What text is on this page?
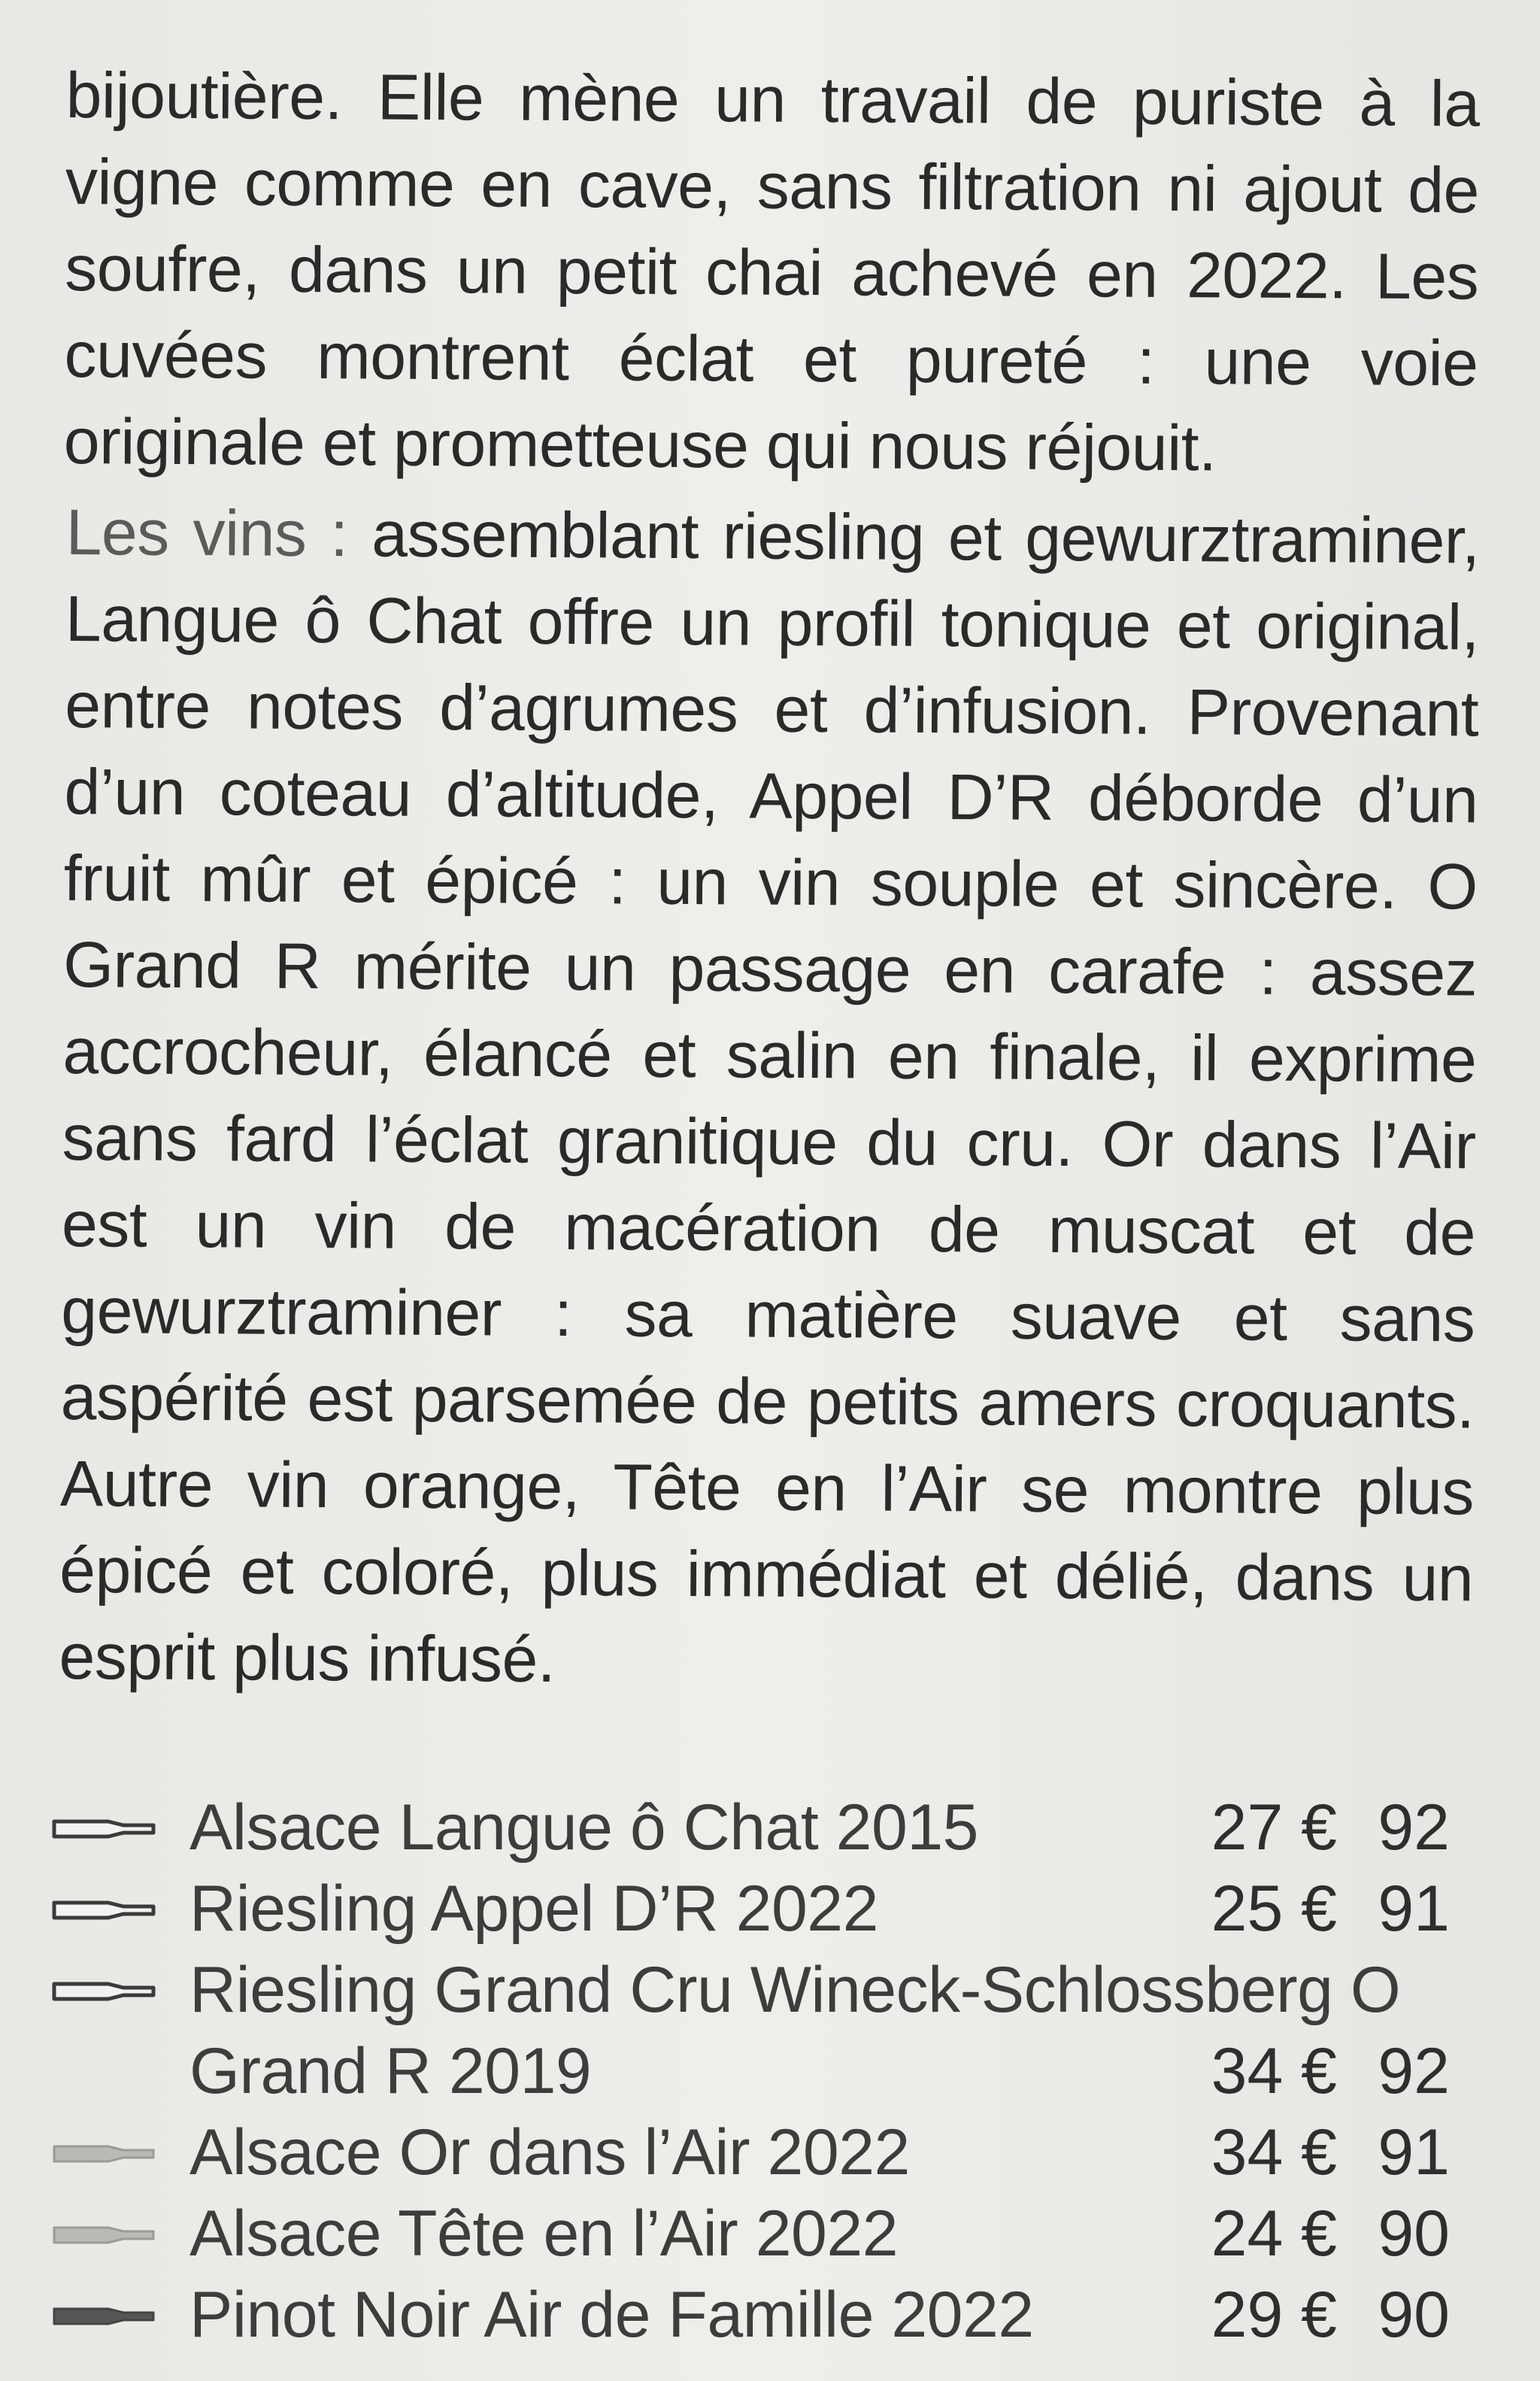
bijoutière. Elle mène un travail de puriste à la vigne comme en cave, sans filtration ni ajout de soufre, dans un petit chai achevé en 2022. Les cuvées montrent éclat et pureté : une voie originale et prometteuse qui nous réjouit.

Les vins : assemblant riesling et gewurztraminer, Langue ô Chat offre un profil tonique et original, entre notes d’agrumes et d’infusion. Provenant d’un coteau d’altitude, Appel D’R déborde d’un fruit mûr et épicé : un vin souple et sincère. O Grand R mérite un passage en carafe : assez accrocheur, élancé et salin en finale, il exprime sans fard l’éclat granitique du cru. Or dans l’Air est un vin de macération de muscat et de gewurztraminer : sa matière suave et sans aspérité est parsemée de petits amers croquants. Autre vin orange, Tête en l’Air se montre plus épicé et coloré, plus immédiat et délié, dans un esprit plus infusé.

Alsace Langue ô Chat 2015	27 € 92
Riesling Appel D’R 2022	25 € 91
Riesling Grand Cru Wineck-Schlossberg O Grand R 2019	34 € 92
Alsace Or dans l’Air 2022	34 € 91
Alsace Tête en l’Air 2022	24 € 90
Pinot Noir Air de Famille 2022	29 € 90
